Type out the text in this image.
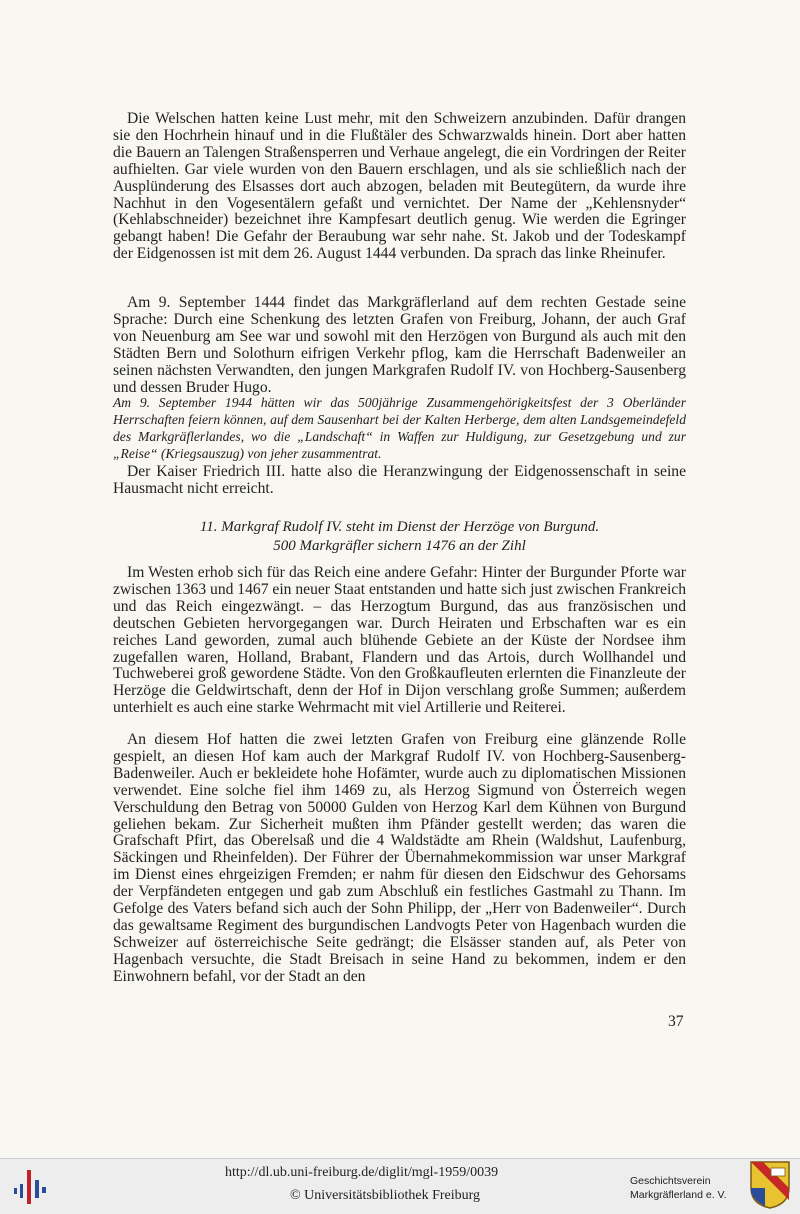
Die Welschen hatten keine Lust mehr, mit den Schweizern anzubinden. Dafür drangen sie den Hochrhein hinauf und in die Flußtäler des Schwarzwalds hinein. Dort aber hatten die Bauern an Talengen Straßensperren und Verhaue angelegt, die ein Vordringen der Reiter aufhielten. Gar viele wurden von den Bauern erschlagen, und als sie schließlich nach der Ausplünderung des Elsasses dort auch abzogen, beladen mit Beutegütern, da wurde ihre Nachhut in den Vogesentälern gefaßt und vernichtet. Der Name der „Kehlensnyder“ (Kehlabschneider) bezeichnet ihre Kampfesart deutlich genug. Wie werden die Egringer gebangt haben! Die Gefahr der Beraubung war sehr nahe. St. Jakob und der Todeskampf der Eidgenossen ist mit dem 26. August 1444 verbunden. Da sprach das linke Rheinufer.

Am 9. September 1444 findet das Markgräflerland auf dem rechten Gestade seine Sprache: Durch eine Schenkung des letzten Grafen von Freiburg, Johann, der auch Graf von Neuenburg am See war und sowohl mit den Herzögen von Burgund als auch mit den Städten Bern und Solothurn eifrigen Verkehr pflog, kam die Herrschaft Badenweiler an seinen nächsten Verwandten, den jungen Markgrafen Rudolf IV. von Hochberg-Sausenberg und dessen Bruder Hugo.

Am 9. September 1944 hätten wir das 500jährige Zusammengehörigkeitsfest der 3 Oberländer Herrschaften feiern können, auf dem Sausenhart bei der Kalten Herberge, dem alten Landsgemeindefeld des Markgräflerlandes, wo die „Landschaft“ in Waffen zur Huldigung, zur Gesetzgebung und zur „Reise“ (Kriegsauszug) von jeher zusammentrat.

Der Kaiser Friedrich III. hatte also die Heranzwingung der Eidgenossenschaft in seine Hausmacht nicht erreicht.

11. Markgraf Rudolf IV. steht im Dienst der Herzöge von Burgund.
500 Markgräfler sichern 1476 an der Zihl

Im Westen erhob sich für das Reich eine andere Gefahr: Hinter der Burgunder Pforte war zwischen 1363 und 1467 ein neuer Staat entstanden und hatte sich just zwischen Frankreich und das Reich eingezwängt. – das Herzogtum Burgund, das aus französischen und deutschen Gebieten hervorgegangen war. Durch Heiraten und Erbschaften war es ein reiches Land geworden, zumal auch blühende Gebiete an der Küste der Nordsee ihm zugefallen waren, Holland, Brabant, Flandern und das Artois, durch Wollhandel und Tuchweberei groß gewordene Städte. Von den Großkaufleuten erlernten die Finanzleute der Herzöge die Geldwirtschaft, denn der Hof in Dijon verschlang große Summen; außerdem unterhielt es auch eine starke Wehrmacht mit viel Artillerie und Reiterei.

An diesem Hof hatten die zwei letzten Grafen von Freiburg eine glänzende Rolle gespielt, an diesen Hof kam auch der Markgraf Rudolf IV. von Hochberg-Sausenberg-Badenweiler. Auch er bekleidete hohe Hofämter, wurde auch zu diplomatischen Missionen verwendet. Eine solche fiel ihm 1469 zu, als Herzog Sigmund von Österreich wegen Verschuldung den Betrag von 50000 Gulden von Herzog Karl dem Kühnen von Burgund geliehen bekam. Zur Sicherheit mußten ihm Pfänder gestellt werden; das waren die Grafschaft Pfirt, das Oberelsaß und die 4 Waldstädte am Rhein (Waldshut, Laufenburg, Säckingen und Rheinfelden). Der Führer der Übernahmekommission war unser Markgraf im Dienst eines ehrgeizigen Fremden; er nahm für diesen den Eidschwur des Gehorsams der Verpfändeten entgegen und gab zum Abschluß ein festliches Gastmahl zu Thann. Im Gefolge des Vaters befand sich auch der Sohn Philipp, der „Herr von Badenweiler“. Durch das gewaltsame Regiment des burgundischen Landvogts Peter von Hagenbach wurden die Schweizer auf österreichische Seite gedrängt; die Elsässer standen auf, als Peter von Hagenbach versuchte, die Stadt Breisach in seine Hand zu bekommen, indem er den Einwohnern befahl, vor der Stadt an den

37
http://dl.ub.uni-freiburg.de/diglit/mgl-1959/0039
© Universitätsbibliothek Freiburg
Geschichtsverein
Markgräflerland e. V.
